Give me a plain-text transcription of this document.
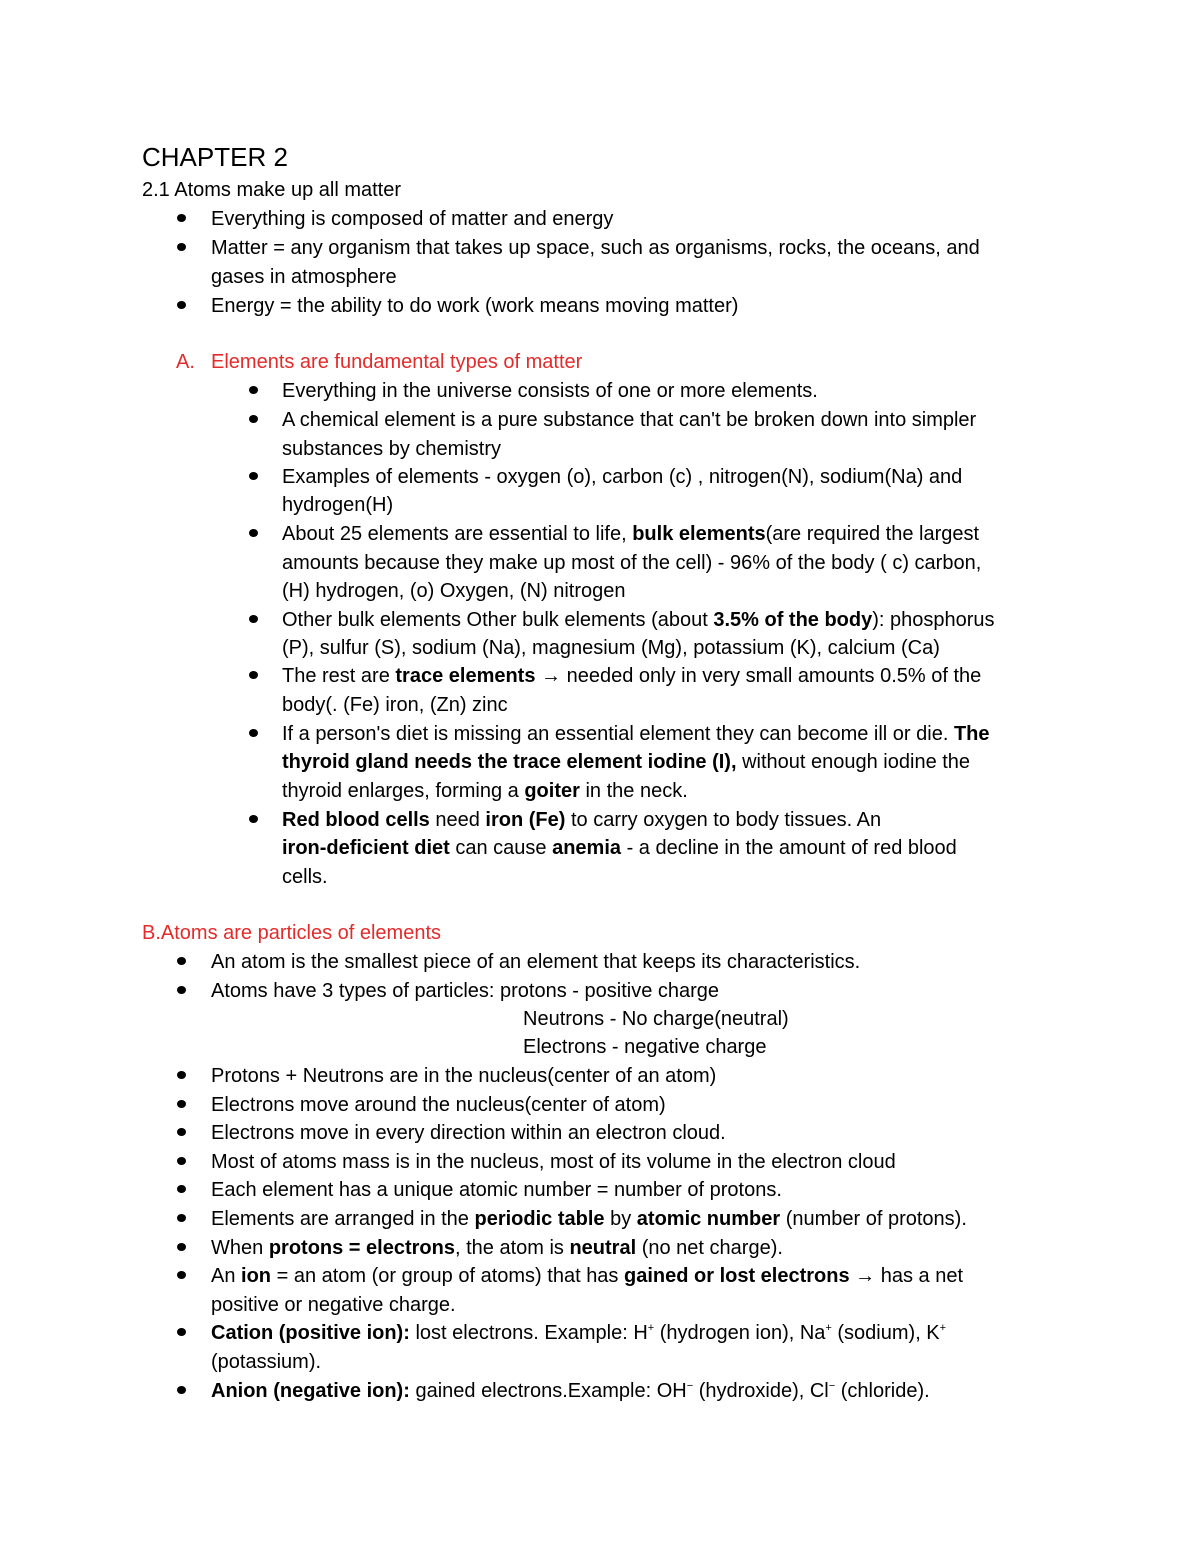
CHAPTER 2

2.1 Atoms make up all matter

Everything is composed of matter and energy

Matter = any organism that takes up space, such as organisms, rocks, the oceans, and

gases in atmosphere

Energy = the ability to do work (work means moving matter)

A. Elements are fundamental types of matter

Everything in the universe consists of one or more elements.

A chemical element is a pure substance that can't be broken down into simpler

substances by chemistry

Examples of elements - oxygen (o), carbon (c) , nitrogen(N), sodium(Na) and

hydrogen(H)

About 25 elements are essential to life, bulk elements(are required the largest

amounts because they make up most of the cell) - 96% of the body ( c) carbon,

(H) hydrogen, (o) Oxygen, (N) nitrogen

Other bulk elements Other bulk elements (about 3.5% of the body): phosphorus

(P), sulfur (S), sodium (Na), magnesium (Mg), potassium (K), calcium (Ca)

The rest are trace elements → needed only in very small amounts 0.5% of the

body(. (Fe) iron, (Zn) zinc

If a person's diet is missing an essential element they can become ill or die. The

thyroid gland needs the trace element iodine (I), without enough iodine the

thyroid enlarges, forming a goiter in the neck.

Red blood cells need iron (Fe) to carry oxygen to body tissues. An

iron-deficient diet can cause anemia - a decline in the amount of red blood

cells.

B.Atoms are particles of elements

An atom is the smallest piece of an element that keeps its characteristics.

Atoms have 3 types of particles: protons - positive charge

Neutrons - No charge(neutral)

Electrons - negative charge

Protons + Neutrons are in the nucleus(center of an atom)

Electrons move around the nucleus(center of atom)

Electrons move in every direction within an electron cloud.

Most of atoms mass is in the nucleus, most of its volume in the electron cloud

Each element has a unique atomic number = number of protons.

Elements are arranged in the periodic table by atomic number (number of protons).

When protons = electrons, the atom is neutral (no net charge).

An ion = an atom (or group of atoms) that has gained or lost electrons → has a net

positive or negative charge.

Cation (positive ion): lost electrons. Example: H+ (hydrogen ion), Na+ (sodium), K+

(potassium).

Anion (negative ion): gained electrons.Example: OH− (hydroxide), Cl− (chloride).
